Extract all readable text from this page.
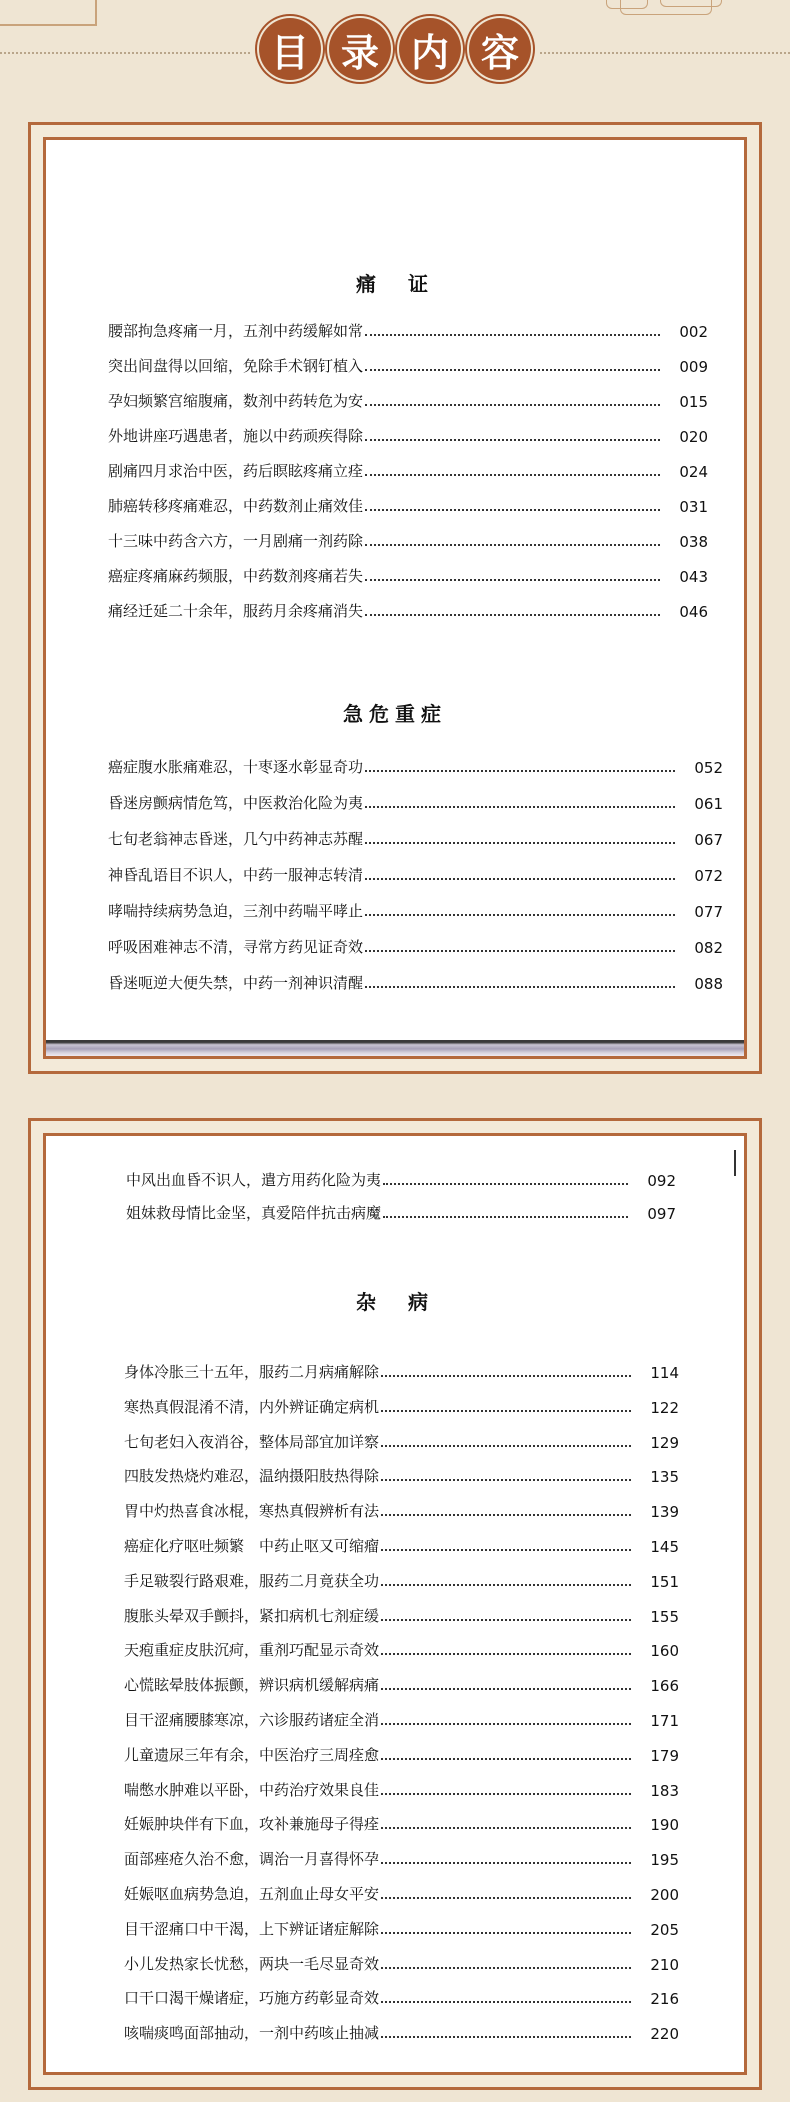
目 录 内 容
痛　证
腰部拘急疼痛一月，五剂中药缓解如常	002
突出间盘得以回缩，免除手术钢钉植入	009
孕妇频繁宫缩腹痛，数剂中药转危为安	015
外地讲座巧遇患者，施以中药顽疾得除	020
剧痛四月求治中医，药后瞑眩疼痛立痊	024
肺癌转移疼痛难忍，中药数剂止痛效佳	031
十三味中药含六方，一月剧痛一剂药除	038
癌症疼痛麻药频服，中药数剂疼痛若失	043
痛经迁延二十余年，服药月余疼痛消失	046
急危重症
癌症腹水胀痛难忍，十枣逐水彰显奇功	052
昏迷房颤病情危笃，中医救治化险为夷	061
七旬老翁神志昏迷，几勺中药神志苏醒	067
神昏乱语目不识人，中药一服神志转清	072
哮喘持续病势急迫，三剂中药喘平哮止	077
呼吸困难神志不清，寻常方药见证奇效	082
昏迷呃逆大便失禁，中药一剂神识清醒	088
中风出血昏不识人，遣方用药化险为夷	092
姐妹救母情比金坚，真爱陪伴抗击病魔	097
杂　病
身体冷胀三十五年，服药二月病痛解除	114
寒热真假混淆不清，内外辨证确定病机	122
七旬老妇入夜消谷，整体局部宜加详察	129
四肢发热烧灼难忍，温纳摄阳肢热得除	135
胃中灼热喜食冰棍，寒热真假辨析有法	139
癌症化疗呕吐频繁　中药止呕又可缩瘤	145
手足皲裂行路艰难，服药二月竟获全功	151
腹胀头晕双手颤抖，紧扣病机七剂症缓	155
天疱重症皮肤沉疴，重剂巧配显示奇效	160
心慌眩晕肢体振颤，辨识病机缓解病痛	166
目干涩痛腰膝寒凉，六诊服药诸症全消	171
儿童遗尿三年有余，中医治疗三周痊愈	179
喘憋水肿难以平卧，中药治疗效果良佳	183
妊娠肿块伴有下血，攻补兼施母子得痊	190
面部痤疮久治不愈，调治一月喜得怀孕	195
妊娠呕血病势急迫，五剂血止母女平安	200
目干涩痛口中干渴，上下辨证诸症解除	205
小儿发热家长忧愁，两块一毛尽显奇效	210
口干口渴干燥诸症，巧施方药彰显奇效	216
咳喘痰鸣面部抽动，一剂中药咳止抽减	220
